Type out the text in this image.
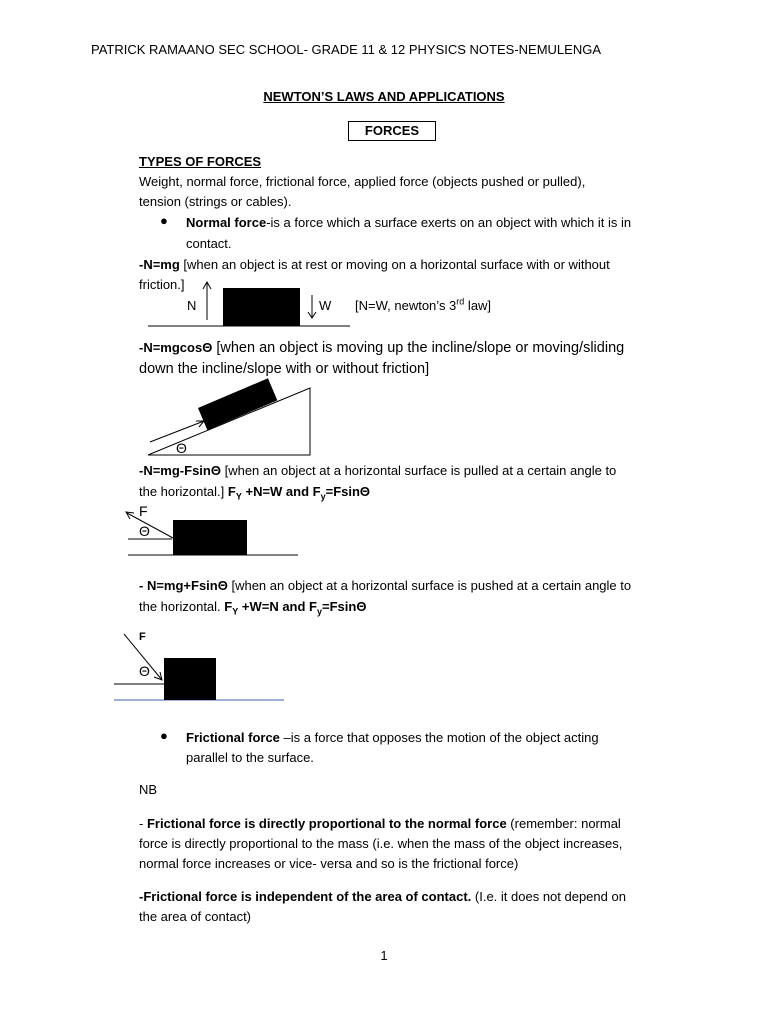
PATRICK RAMAANO SEC SCHOOL- GRADE 11 & 12 PHYSICS NOTES-NEMULENGA
NEWTON’S LAWS AND APPLICATIONS
FORCES
TYPES OF FORCES
Weight, normal force, frictional force, applied force (objects pushed or pulled),
tension (strings or cables).
● Normal force-is a force which a surface exerts on an object with which it is in
contact.
-N=mg [when an object is at rest or moving on a horizontal surface with or without
friction.]
N	W [N=W, newton’s 3rd law]
-N=mgcosΘ [when an object is moving up the incline/slope or moving/sliding
down the incline/slope with or without friction]
Θ
-N=mg-FsinΘ [when an object at a horizontal surface is pulled at a certain angle to
the horizontal.] $F_Y +N=W$ and $F_y=Fsin\Theta$
F
Θ
- N=mg+FsinΘ [when an object at a horizontal surface is pushed at a certain angle to
the horizontal. $F_Y +W=N$ and $F_y=Fsin\Theta$
F
Θ
● Frictional force –is a force that opposes the motion of the object acting
parallel to the surface.
NB
- Frictional force is directly proportional to the normal force (remember: normal
force is directly proportional to the mass (i.e. when the mass of the object increases,
normal force increases or vice- versa and so is the frictional force)
-Frictional force is independent of the area of contact. (I.e. it does not depend on
the area of contact)
1
